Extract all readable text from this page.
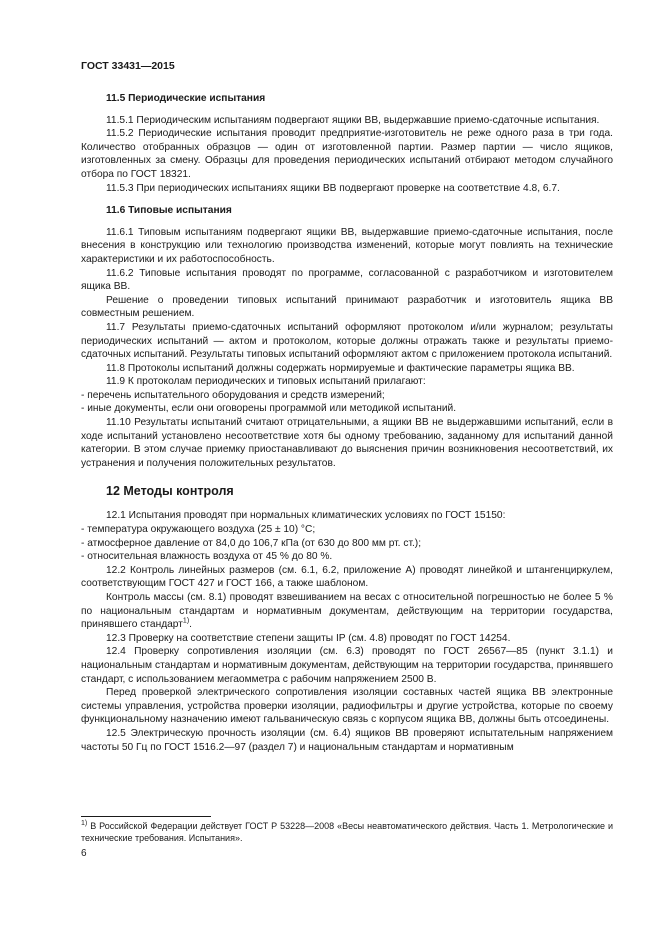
ГОСТ 33431—2015
11.5 Периодические испытания

11.5.1 Периодическим испытаниям подвергают ящики ВВ, выдержавшие приемо-сдаточные испытания.

11.5.2 Периодические испытания проводит предприятие-изготовитель не реже одного раза в три года. Количество отобранных образцов — один от изготовленной партии. Размер партии — число ящиков, изготовленных за смену. Образцы для проведения периодических испытаний отбирают методом случайного отбора по ГОСТ 18321.

11.5.3 При периодических испытаниях ящики ВВ подвергают проверке на соответствие 4.8, 6.7.

11.6 Типовые испытания

11.6.1 Типовым испытаниям подвергают ящики ВВ, выдержавшие приемо-сдаточные испытания, после внесения в конструкцию или технологию производства изменений, которые могут повлиять на технические характеристики и их работоспособность.

11.6.2 Типовые испытания проводят по программе, согласованной с разработчиком и изготовителем ящика ВВ.

Решение о проведении типовых испытаний принимают разработчик и изготовитель ящика ВВ совместным решением.

11.7 Результаты приемо-сдаточных испытаний оформляют протоколом и/или журналом; результаты периодических испытаний — актом и протоколом, которые должны отражать также и результаты приемо-сдаточных испытаний. Результаты типовых испытаний оформляют актом с приложением протокола испытаний.

11.8 Протоколы испытаний должны содержать нормируемые и фактические параметры ящика ВВ.

11.9 К протоколам периодических и типовых испытаний прилагают:

- перечень испытательного оборудования и средств измерений;

- иные документы, если они оговорены программой или методикой испытаний.

11.10 Результаты испытаний считают отрицательными, а ящики ВВ не выдержавшими испытаний, если в ходе испытаний установлено несоответствие хотя бы одному требованию, заданному для испытаний данной категории. В этом случае приемку приостанавливают до выяснения причин возникновения несоответствий, их устранения и получения положительных результатов.

12 Методы контроля

12.1 Испытания проводят при нормальных климатических условиях по ГОСТ 15150:

- температура окружающего воздуха (25 ± 10) °С;

- атмосферное давление от 84,0 до 106,7 кПа (от 630 до 800 мм рт. ст.);

- относительная влажность воздуха от 45 % до 80 %.

12.2 Контроль линейных размеров (см. 6.1, 6.2, приложение А) проводят линейкой и штангенциркулем, соответствующим ГОСТ 427 и ГОСТ 166, а также шаблоном.

Контроль массы (см. 8.1) проводят взвешиванием на весах с относительной погрешностью не более 5 % по национальным стандартам и нормативным документам, действующим на территории государства, принявшего стандарт$^{1)}$.

12.3 Проверку на соответствие степени защиты IP (см. 4.8) проводят по ГОСТ 14254.

12.4 Проверку сопротивления изоляции (см. 6.3) проводят по ГОСТ 26567—85 (пункт 3.1.1) и национальным стандартам и нормативным документам, действующим на территории государства, принявшего стандарт, с использованием мегаомметра с рабочим напряжением 2500 В.

Перед проверкой электрического сопротивления изоляции составных частей ящика ВВ электронные системы управления, устройства проверки изоляции, радиофильтры и другие устройства, которые по своему функциональному назначению имеют гальваническую связь с корпусом ящика ВВ, должны быть отсоединены.

12.5 Электрическую прочность изоляции (см. 6.4) ящиков ВВ проверяют испытательным напряжением частоты 50 Гц по ГОСТ 1516.2—97 (раздел 7) и национальным стандартам и нормативным

$^{1)}$ В Российской Федерации действует ГОСТ Р 53228—2008 «Весы неавтоматического действия. Часть 1. Метрологические и технические требования. Испытания».
6
